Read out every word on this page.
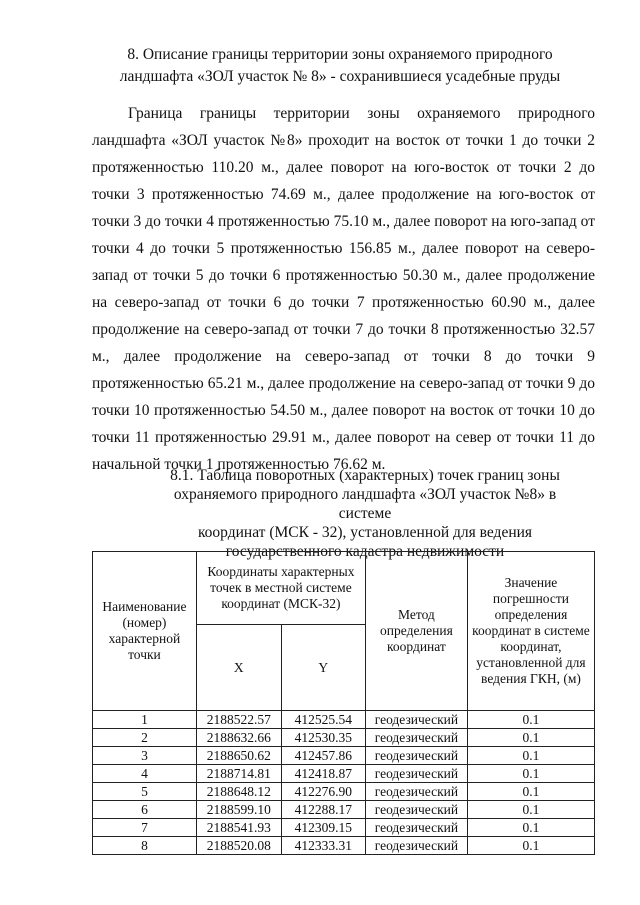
8. Описание границы территории зоны охраняемого природного
ландшафта «ЗОЛ участок № 8» - сохранившиеся усадебные пруды

Граница границы территории зоны охраняемого природного ландшафта «ЗОЛ участок №8» проходит на восток от точки 1 до точки 2 протяженностью 110.20 м., далее поворот на юго-восток от точки 2 до точки 3 протяженностью 74.69 м., далее продолжение на юго-восток от точки 3 до точки 4 протяженностью 75.10 м., далее поворот на юго-запад от точки 4 до точки 5 протяженностью 156.85 м., далее поворот на северо-запад от точки 5 до точки 6 протяженностью 50.30 м., далее продолжение на северо-запад от точки 6 до точки 7 протяженностью 60.90 м., далее продолжение на северо-запад от точки 7 до точки 8 протяженностью 32.57 м., далее продолжение на северо-запад от точки 8 до точки 9 протяженностью 65.21 м., далее продолжение на северо-запад от точки 9 до точки 10 протяженностью 54.50 м., далее поворот на восток от точки 10 до точки 11 протяженностью 29.91 м., далее поворот на север от точки 11 до начальной точки 1 протяженностью 76.62 м.

8.1. Таблица поворотных (характерных) точек границ зоны
охраняемого природного ландшафта «ЗОЛ участок №8» в системе
координат (МСК - 32), установленной для ведения
государственного кадастра недвижимости
Наименование (номер) характерной точки	Координаты характерных точек в местной системе координат (МСК-32)		Метод определения координат	Значение погрешности определения координат в системе координат, установленной для ведения ГКН, (м)
	X	Y		
1	2188522.57	412525.54	геодезический	0.1
2	2188632.66	412530.35	геодезический	0.1
3	2188650.62	412457.86	геодезический	0.1
4	2188714.81	412418.87	геодезический	0.1
5	2188648.12	412276.90	геодезический	0.1
6	2188599.10	412288.17	геодезический	0.1
7	2188541.93	412309.15	геодезический	0.1
8	2188520.08	412333.31	геодезический	0.1
